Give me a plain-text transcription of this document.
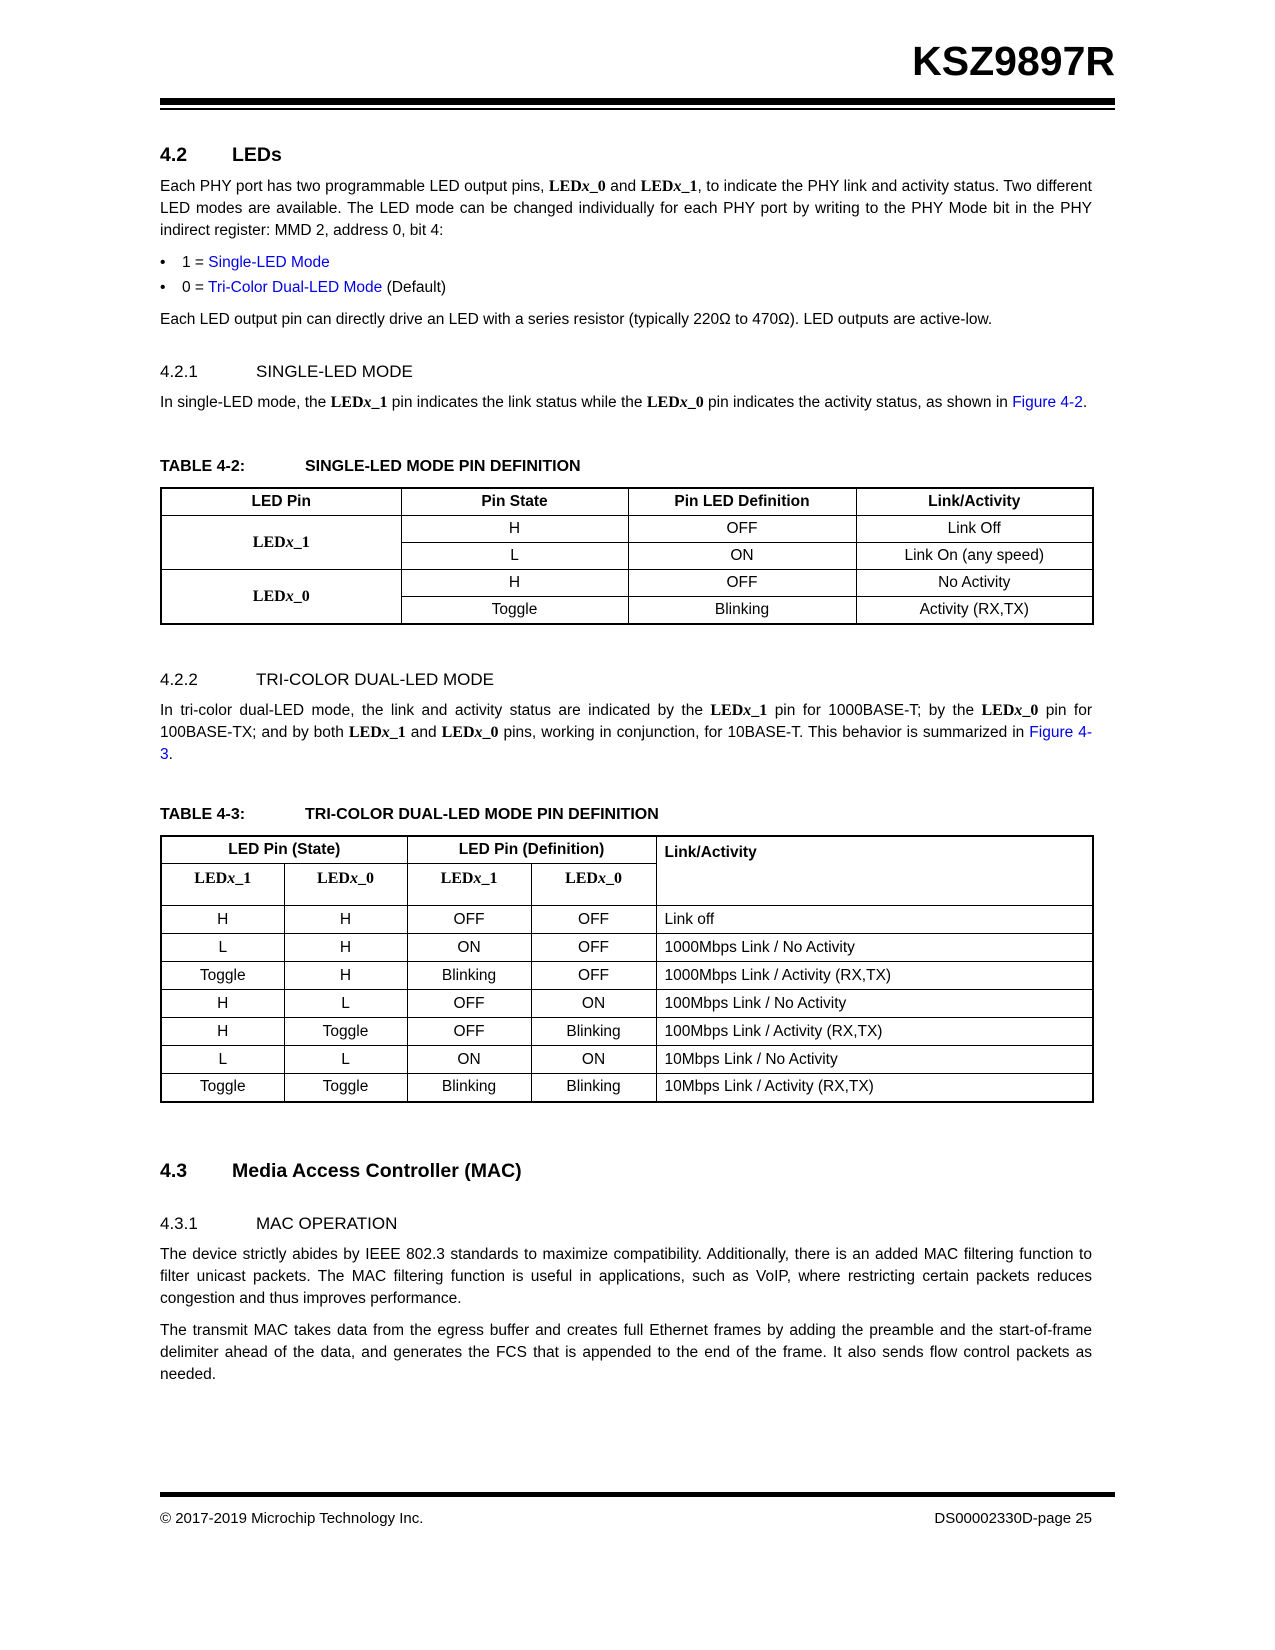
KSZ9897R
4.2	LEDs

Each PHY port has two programmable LED output pins, LEDx_0 and LEDx_1, to indicate the PHY link and activity status. Two different LED modes are available. The LED mode can be changed individually for each PHY port by writing to the PHY Mode bit in the PHY indirect register: MMD 2, address 0, bit 4:

•	1 = Single-LED Mode
•	0 = Tri-Color Dual-LED Mode (Default)

Each LED output pin can directly drive an LED with a series resistor (typically 220Ω to 470Ω). LED outputs are active-low.

4.2.1	SINGLE-LED MODE

In single-LED mode, the LEDx_1 pin indicates the link status while the LEDx_0 pin indicates the activity status, as shown in Figure 4-2.

TABLE 4-2:	SINGLE-LED MODE PIN DEFINITION
LED Pin	Pin State	Pin LED Definition	Link/Activity
LEDx_1	H	OFF	Link Off
	L	ON	Link On (any speed)
LEDx_0	H	OFF	No Activity
	Toggle	Blinking	Activity (RX,TX)
4.2.2	TRI-COLOR DUAL-LED MODE

In tri-color dual-LED mode, the link and activity status are indicated by the LEDx_1 pin for 1000BASE-T; by the LEDx_0 pin for 100BASE-TX; and by both LEDx_1 and LEDx_0 pins, working in conjunction, for 10BASE-T. This behavior is summarized in Figure 4-3.

TABLE 4-3:	TRI-COLOR DUAL-LED MODE PIN DEFINITION
LED Pin (State)		LED Pin (Definition)		Link/Activity
LEDx_1	LEDx_0	LEDx_1	LEDx_0	
H	H	OFF	OFF	Link off
L	H	ON	OFF	1000Mbps Link / No Activity
Toggle	H	Blinking	OFF	1000Mbps Link / Activity (RX,TX)
H	L	OFF	ON	100Mbps Link / No Activity
H	Toggle	OFF	Blinking	100Mbps Link / Activity (RX,TX)
L	L	ON	ON	10Mbps Link / No Activity
Toggle	Toggle	Blinking	Blinking	10Mbps Link / Activity (RX,TX)
4.3	Media Access Controller (MAC)
4.3.1	MAC OPERATION

The device strictly abides by IEEE 802.3 standards to maximize compatibility. Additionally, there is an added MAC filtering function to filter unicast packets. The MAC filtering function is useful in applications, such as VoIP, where restricting certain packets reduces congestion and thus improves performance.

The transmit MAC takes data from the egress buffer and creates full Ethernet frames by adding the preamble and the start-of-frame delimiter ahead of the data, and generates the FCS that is appended to the end of the frame. It also sends flow control packets as needed.

© 2017-2019 Microchip Technology Inc.	DS00002330D-page 25
